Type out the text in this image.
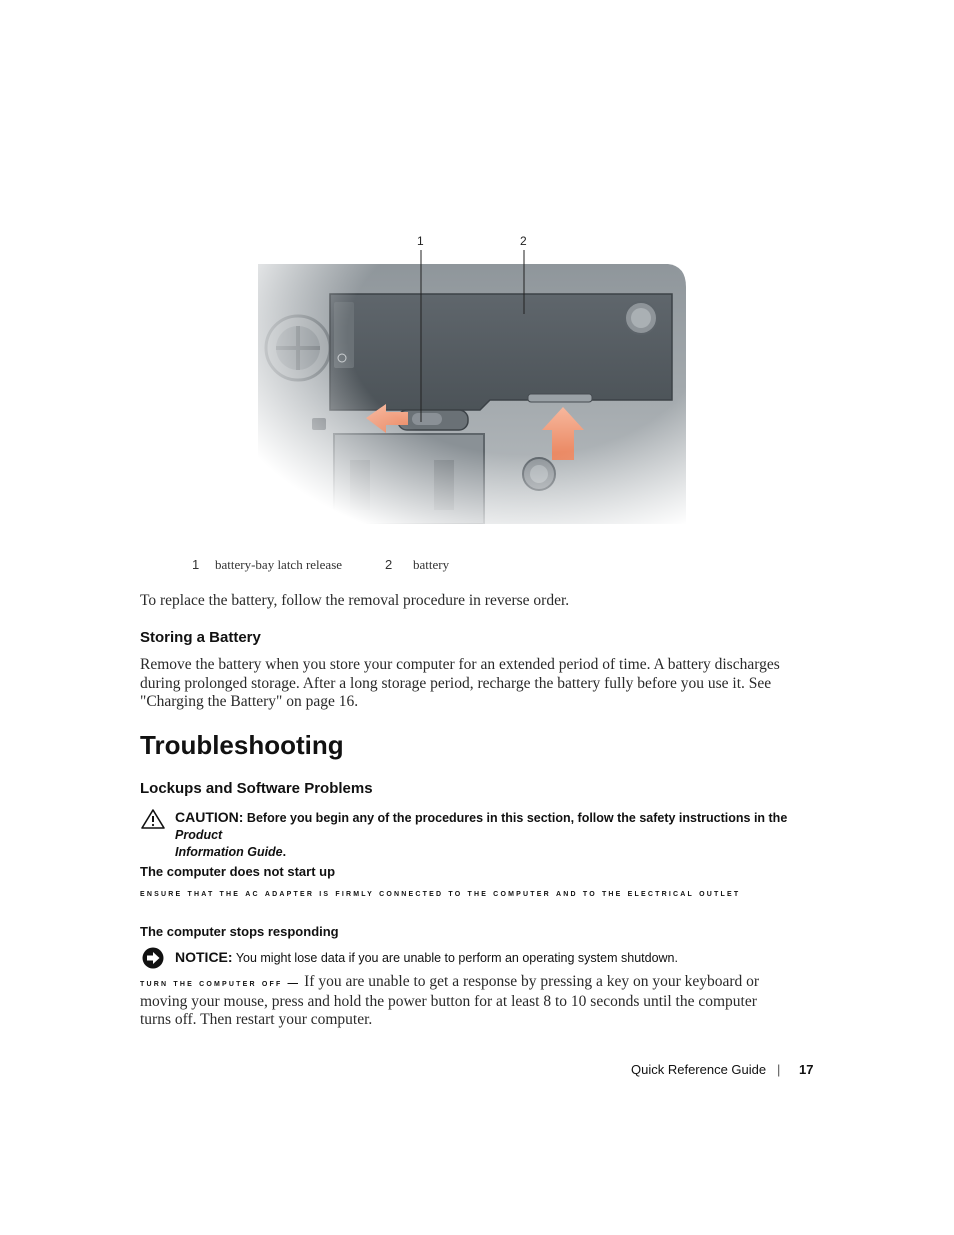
1	2
1 battery-bay latch release	2 battery
To replace the battery, follow the removal procedure in reverse order.
Storing a Battery
Remove the battery when you store your computer for an extended period of time. A battery discharges
during prolonged storage. After a long storage period, recharge the battery fully before you use it. See
"Charging the Battery" on page 16.
Troubleshooting
Lockups and Software Problems
CAUTION: Before you begin any of the procedures in this section, follow the safety instructions in the Product
Information Guide.
The computer does not start up
ensure that the ac adapter is firmly connected to the computer and to the electrical outlet
The computer stops responding
NOTICE: You might lose data if you are unable to perform an operating system shutdown.
turn the computer off — If you are unable to get a response by pressing a key on your keyboard or
moving your mouse, press and hold the power button for at least 8 to 10 seconds until the computer
turns off. Then restart your computer.
Quick Reference Guide | 17
